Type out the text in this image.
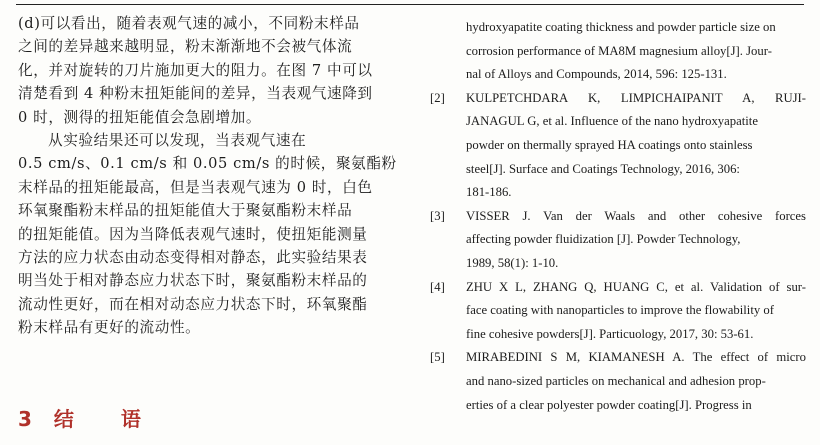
(d)可以看出，随着表观气速的减小，不同粉末样品
之间的差异越来越明显，粉末渐渐地不会被气体流
化，并对旋转的刀片施加更大的阻力。在图 7 中可以
清楚看到 4 种粉末扭矩能间的差异，当表观气速降到
0 时，测得的扭矩能值会急剧增加。
从实验结果还可以发现，当表观气速在
0.5 cm/s、0.1 cm/s 和 0.05 cm/s 的时候，聚氨酯粉
末样品的扭矩能最高，但是当表观气速为 0 时，白色
环氧聚酯粉末样品的扭矩能值大于聚氨酯粉末样品
的扭矩能值。因为当降低表观气速时，使扭矩能测量
方法的应力状态由动态变得相对静态，此实验结果表
明当处于相对静态应力状态下时，聚氨酯粉末样品的
流动性更好，而在相对动态应力状态下时，环氧聚酯
粉末样品有更好的流动性。
3 结 语
hydroxyapatite coating thickness and powder particle size on
corrosion performance of MA8M magnesium alloy[J]. Jour-
nal of Alloys and Compounds, 2014, 596: 125-131.
[2]	KULPETCHDARA K, LIMPICHAIPANIT A, RUJI-
JANAGUL G, et al. Influence of the nano hydroxyapatite
powder on thermally sprayed HA coatings onto stainless
steel[J]. Surface and Coatings Technology, 2016, 306:
181-186.
[3]	VISSER J. Van der Waals and other cohesive forces
affecting powder fluidization [J]. Powder Technology,
1989, 58(1): 1-10.
[4]	ZHU X L, ZHANG Q, HUANG C, et al. Validation of sur-
face coating with nanoparticles to improve the flowability of
fine cohesive powders[J]. Particuology, 2017, 30: 53-61.
[5]	MIRABEDINI S M, KIAMANESH A. The effect of micro
and nano-sized particles on mechanical and adhesion prop-
erties of a clear polyester powder coating[J]. Progress in
